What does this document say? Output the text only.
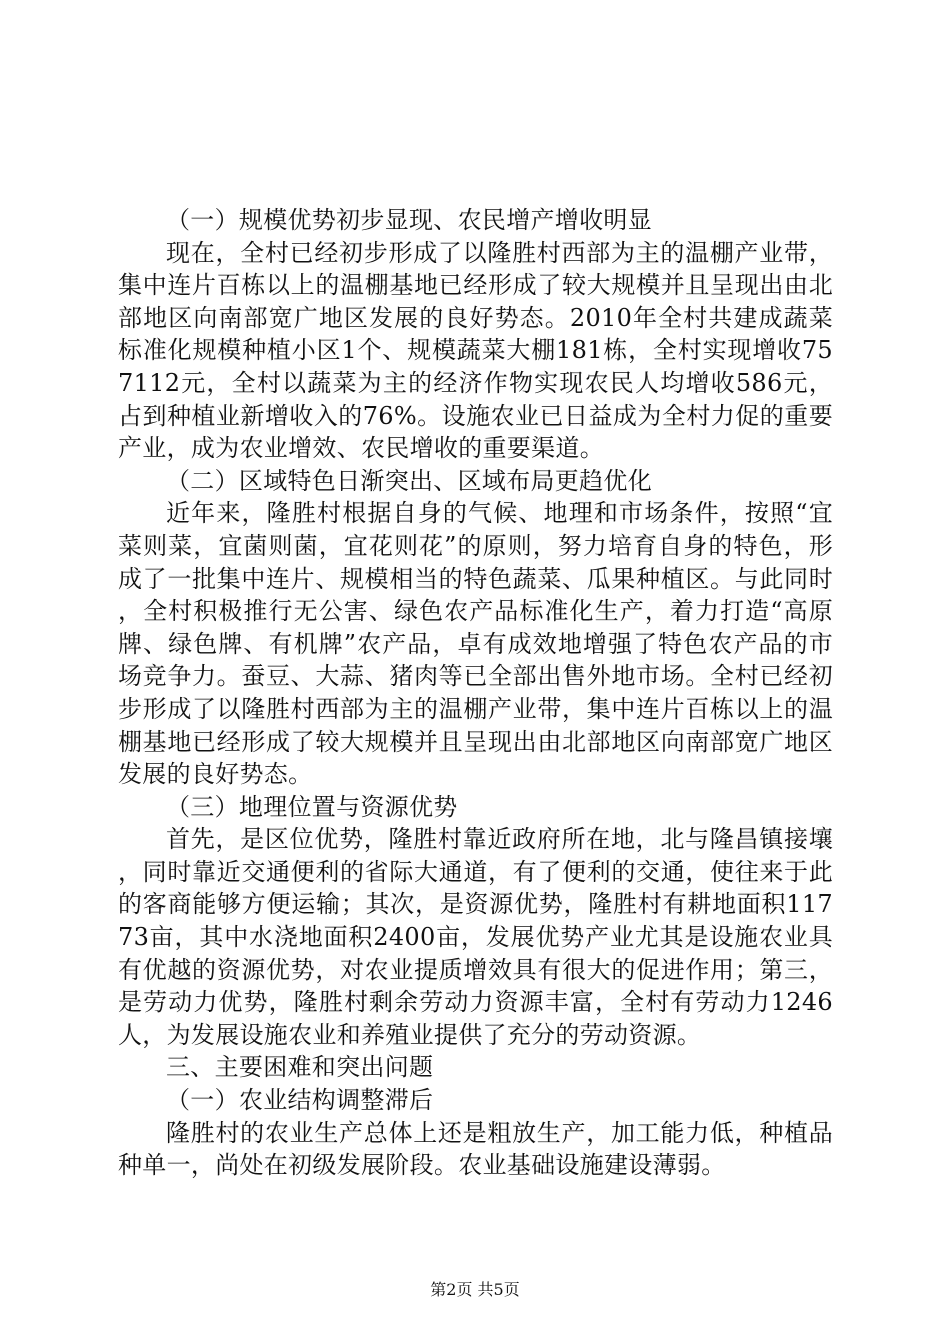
（一）规模优势初步显现、农民增产增收明显

现在，全村已经初步形成了以隆胜村西部为主的温棚产业带，集中连片百栋以上的温棚基地已经形成了较大规模并且呈现出由北部地区向南部宽广地区发展的良好势态。2010年全村共建成蔬菜标准化规模种植小区1个、规模蔬菜大棚181栋，全村实现增收757112元，全村以蔬菜为主的经济作物实现农民人均增收586元，占到种植业新增收入的76%。设施农业已日益成为全村力促的重要产业，成为农业增效、农民增收的重要渠道。

（二）区域特色日渐突出、区域布局更趋优化

近年来，隆胜村根据自身的气候、地理和市场条件，按照“宜菜则菜，宜菌则菌，宜花则花”的原则，努力培育自身的特色，形成了一批集中连片、规模相当的特色蔬菜、瓜果种植区。与此同时，全村积极推行无公害、绿色农产品标准化生产，着力打造“高原牌、绿色牌、有机牌”农产品，卓有成效地增强了特色农产品的市场竞争力。蚕豆、大蒜、猪肉等已全部出售外地市场。全村已经初步形成了以隆胜村西部为主的温棚产业带，集中连片百栋以上的温棚基地已经形成了较大规模并且呈现出由北部地区向南部宽广地区发展的良好势态。

（三）地理位置与资源优势

首先，是区位优势，隆胜村靠近政府所在地，北与隆昌镇接壤，同时靠近交通便利的省际大通道，有了便利的交通，使往来于此的客商能够方便运输；其次，是资源优势，隆胜村有耕地面积11773亩，其中水浇地面积2400亩，发展优势产业尤其是设施农业具有优越的资源优势，对农业提质增效具有很大的促进作用；第三，是劳动力优势，隆胜村剩余劳动力资源丰富，全村有劳动力1246人，为发展设施农业和养殖业提供了充分的劳动资源。

三、主要困难和突出问题

（一）农业结构调整滞后

隆胜村的农业生产总体上还是粗放生产，加工能力低，种植品种单一，尚处在初级发展阶段。农业基础设施建设薄弱。

第2页 共5页
